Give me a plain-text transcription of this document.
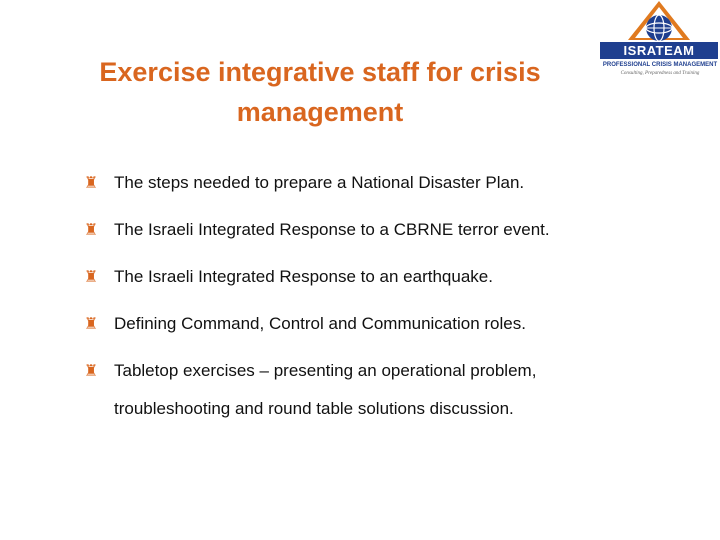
Exercise integrative staff for crisis
management
ISRATEAM
PROFESSIONAL CRISIS MANAGEMENT
Consulting, Preparedness and Training
♜ The steps needed to prepare a National Disaster Plan.
♜ The Israeli Integrated Response to a CBRNE terror event.
♜ The Israeli Integrated Response to an earthquake.
♜ Defining Command, Control and Communication roles.
♜ Tabletop exercises – presenting an operational problem,
troubleshooting and round table solutions discussion.
